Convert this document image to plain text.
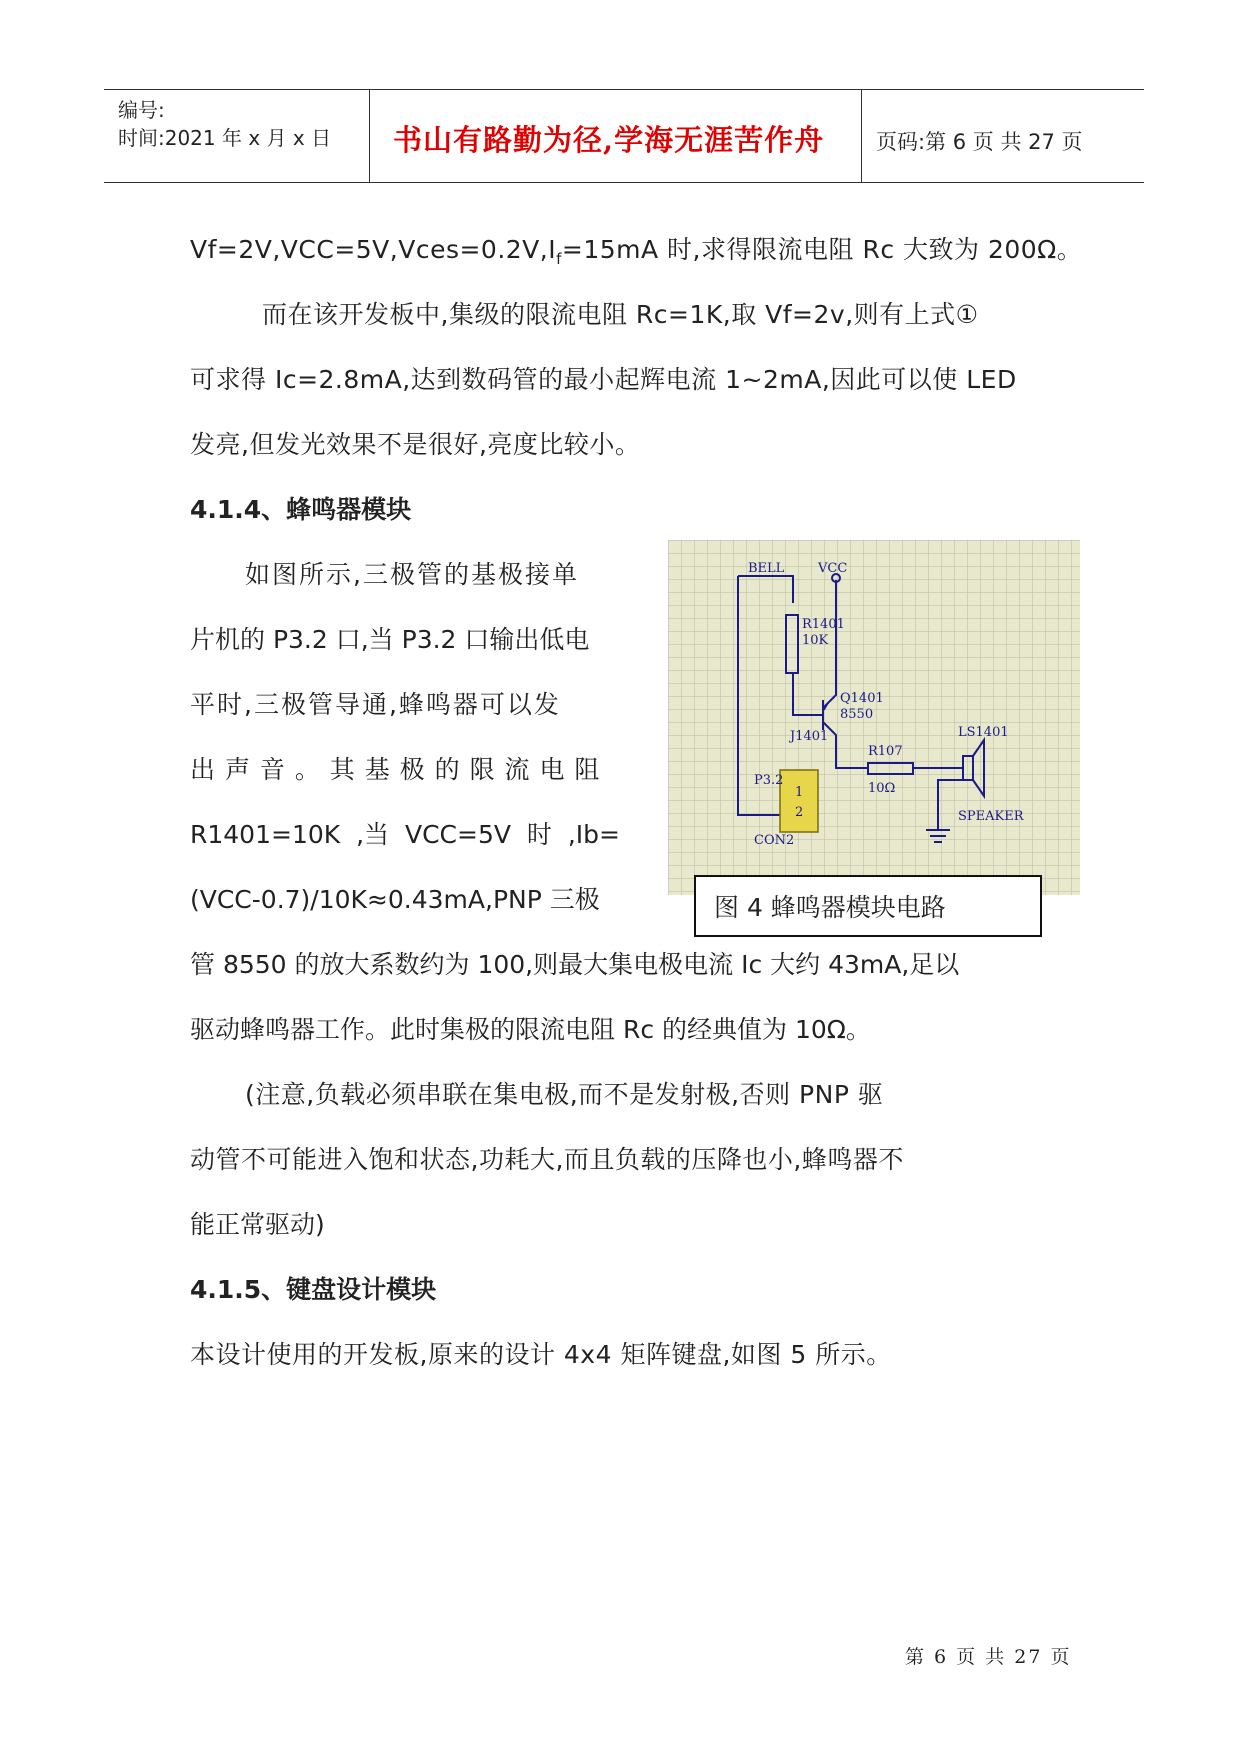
编号:
时间:2021 年 x 月 x 日 书山有路勤为径,学海无涯苦作舟 页码:第 6 页 共 27 页
$Vf=2V,VCC=5V,Vces=0.2V,I_f=15mA$ 时,求得限流电阻 Rc 大致为 200Ω。
而在该开发板中,集级的限流电阻 Rc=1K,取 Vf=2v,则有上式①
可求得 Ic=2.8mA,达到数码管的最小起辉电流 1~2mA,因此可以使 LED
发亮,但发光效果不是很好,亮度比较小。
4.1.4、蜂鸣器模块
如图所示,三极管的基极接单
片机的 P3.2 口,当 P3.2 口输出低电
平时,三极管导通,蜂鸣器可以发
出 声 音 。 其 基 极 的 限 流 电 阻
R1401=10K ,当 VCC=5V 时 ,Ib=
(VCC-0.7)/10K≈0.43mA,PNP 三极
BELL	VCC
R1401
10K
Q1401
8550
J1401
R107
10Ω
LS1401
SPEAKER
P3.2
1
2
CON2
图 4 蜂鸣器模块电路
管 8550 的放大系数约为 100,则最大集电极电流 Ic 大约 43mA,足以
驱动蜂鸣器工作。此时集极的限流电阻 Rc 的经典值为 10Ω。
(注意,负载必须串联在集电极,而不是发射极,否则 PNP 驱
动管不可能进入饱和状态,功耗大,而且负载的压降也小,蜂鸣器不
能正常驱动)
4.1.5、键盘设计模块
本设计使用的开发板,原来的设计 4x4 矩阵键盘,如图 5 所示。
第 6 页 共 27 页
